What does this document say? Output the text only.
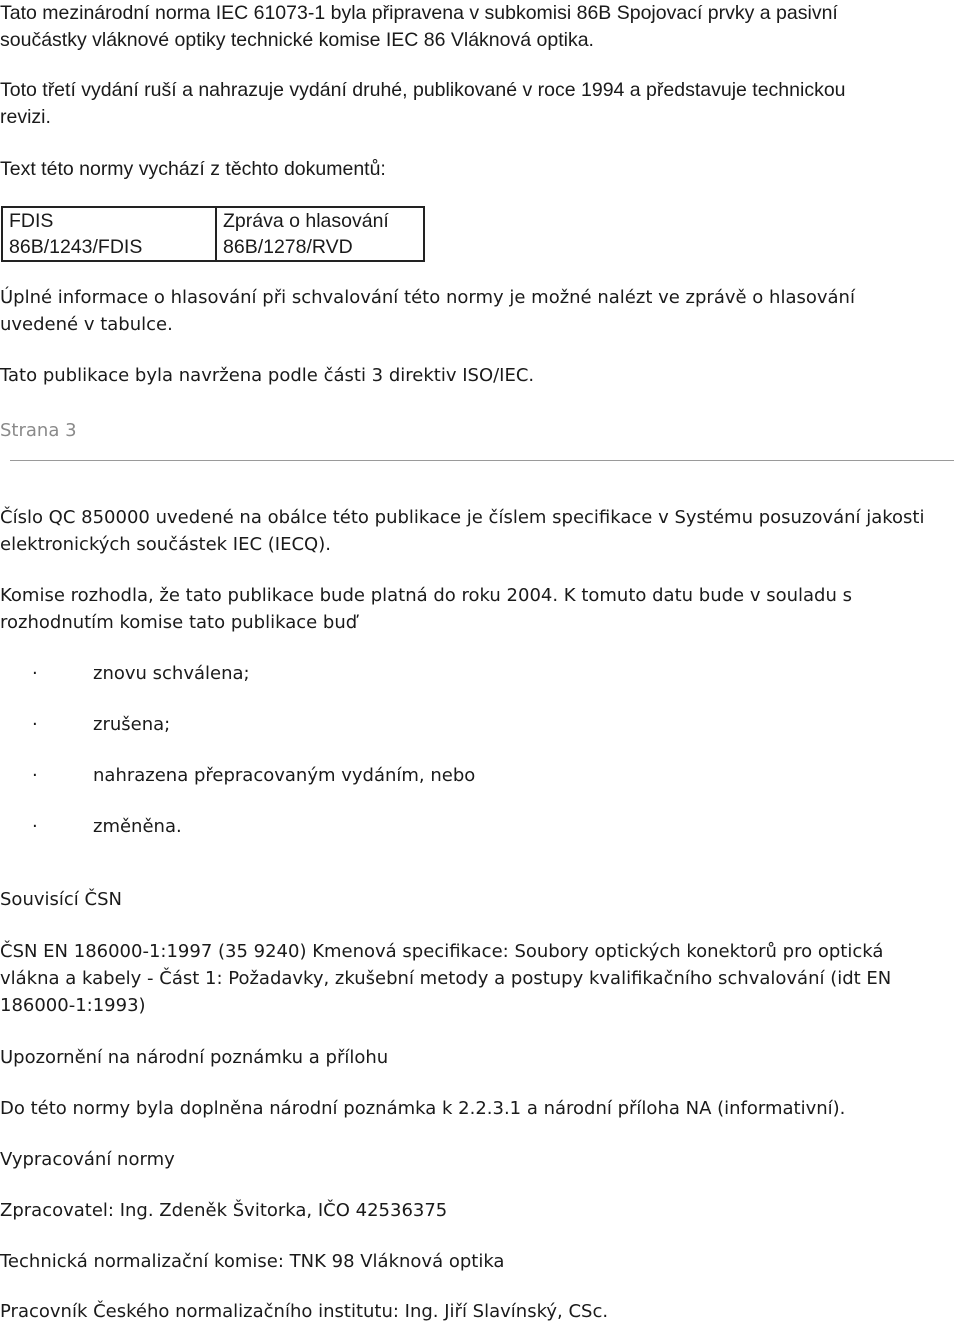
Tato mezinárodní norma IEC 61073-1 byla připravena v subkomisi 86B Spojovací prvky a pasivní
součástky vláknové optiky technické komise IEC 86 Vláknová optika.
Toto třetí vydání ruší a nahrazuje vydání druhé, publikované v roce 1994 a představuje technickou
revizi.
Text této normy vychází z těchto dokumentů:
FDIS	Zpráva o hlasování
86B/1243/FDIS	86B/1278/RVD
Úplné informace o hlasování při schvalování této normy je možné nalézt ve zprávě o hlasování
uvedené v tabulce.
Tato publikace byla navržena podle části 3 direktiv ISO/IEC.
Strana 3
Číslo QC 850000 uvedené na obálce této publikace je číslem specifikace v Systému posuzování jakosti
elektronických součástek IEC (IECQ).
Komise rozhodla, že tato publikace bude platná do roku 2004. K tomuto datu bude v souladu s
rozhodnutím komise tato publikace buď
·	znovu schválena;
·	zrušena;
·	nahrazena přepracovaným vydáním, nebo
·	změněna.
Souvisící ČSN
ČSN EN 186000-1:1997 (35 9240) Kmenová specifikace: Soubory optických konektorů pro optická
vlákna a kabely - Část 1: Požadavky, zkušební metody a postupy kvalifikačního schvalování (idt EN
186000-1:1993)
Upozornění na národní poznámku a přílohu
Do této normy byla doplněna národní poznámka k 2.2.3.1 a národní příloha NA (informativní).
Vypracování normy
Zpracovatel: Ing. Zdeněk Švitorka, IČO 42536375
Technická normalizační komise: TNK 98 Vláknová optika
Pracovník Českého normalizačního institutu: Ing. Jiří Slavínský, CSc.
